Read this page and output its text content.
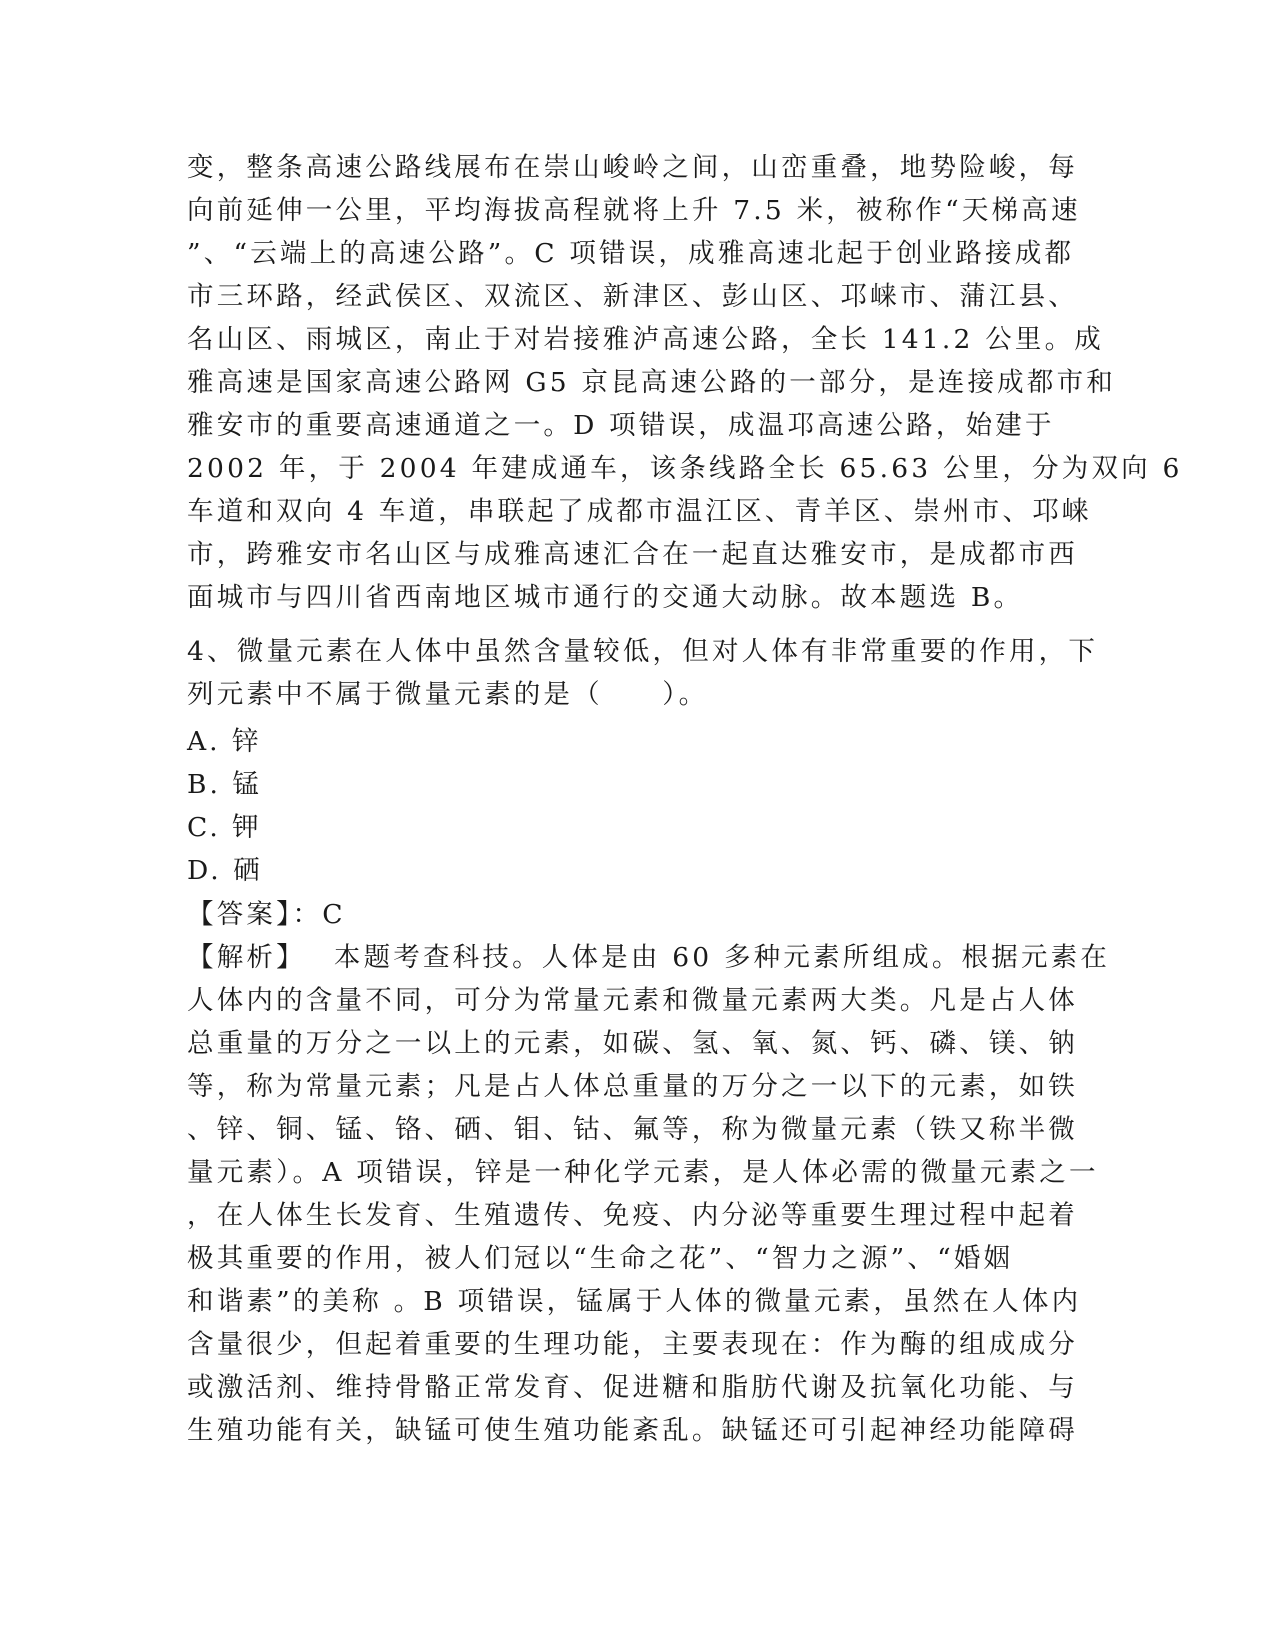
变，整条高速公路线展布在崇山峻岭之间，山峦重叠，地势险峻，每
向前延伸一公里，平均海拔高程就将上升 7.5 米，被称作“天梯高速
”、“云端上的高速公路”。C 项错误，成雅高速北起于创业路接成都
市三环路，经武侯区、双流区、新津区、彭山区、邛崃市、蒲江县、
名山区、雨城区，南止于对岩接雅泸高速公路，全长 141.2 公里。成
雅高速是国家高速公路网 G5 京昆高速公路的一部分，是连接成都市和
雅安市的重要高速通道之一。D 项错误，成温邛高速公路，始建于
2002 年，于 2004 年建成通车，该条线路全长 65.63 公里，分为双向 6
车道和双向 4 车道，串联起了成都市温江区、青羊区、崇州市、邛崃
市，跨雅安市名山区与成雅高速汇合在一起直达雅安市，是成都市西
面城市与四川省西南地区城市通行的交通大动脉。故本题选 B。
4、微量元素在人体中虽然含量较低，但对人体有非常重要的作用，下
列元素中不属于微量元素的是（　　）。
A. 锌
B. 锰
C. 钾
D. 硒
【答案】：C
【解析】　 本题考查科技。人体是由 60 多种元素所组成。根据元素在
人体内的含量不同，可分为常量元素和微量元素两大类。凡是占人体
总重量的万分之一以上的元素，如碳、氢、氧、氮、钙、磷、镁、钠
等，称为常量元素；凡是占人体总重量的万分之一以下的元素，如铁
、锌、铜、锰、铬、硒、钼、钴、氟等，称为微量元素（铁又称半微
量元素）。A 项错误，锌是一种化学元素，是人体必需的微量元素之一
，在人体生长发育、生殖遗传、免疫、内分泌等重要生理过程中起着
极其重要的作用，被人们冠以“生命之花”、“智力之源”、“婚姻
和谐素”的美称 。B 项错误，锰属于人体的微量元素，虽然在人体内
含量很少，但起着重要的生理功能，主要表现在：作为酶的组成成分
或激活剂、维持骨骼正常发育、促进糖和脂肪代谢及抗氧化功能、与
生殖功能有关，缺锰可使生殖功能紊乱。缺锰还可引起神经功能障碍
